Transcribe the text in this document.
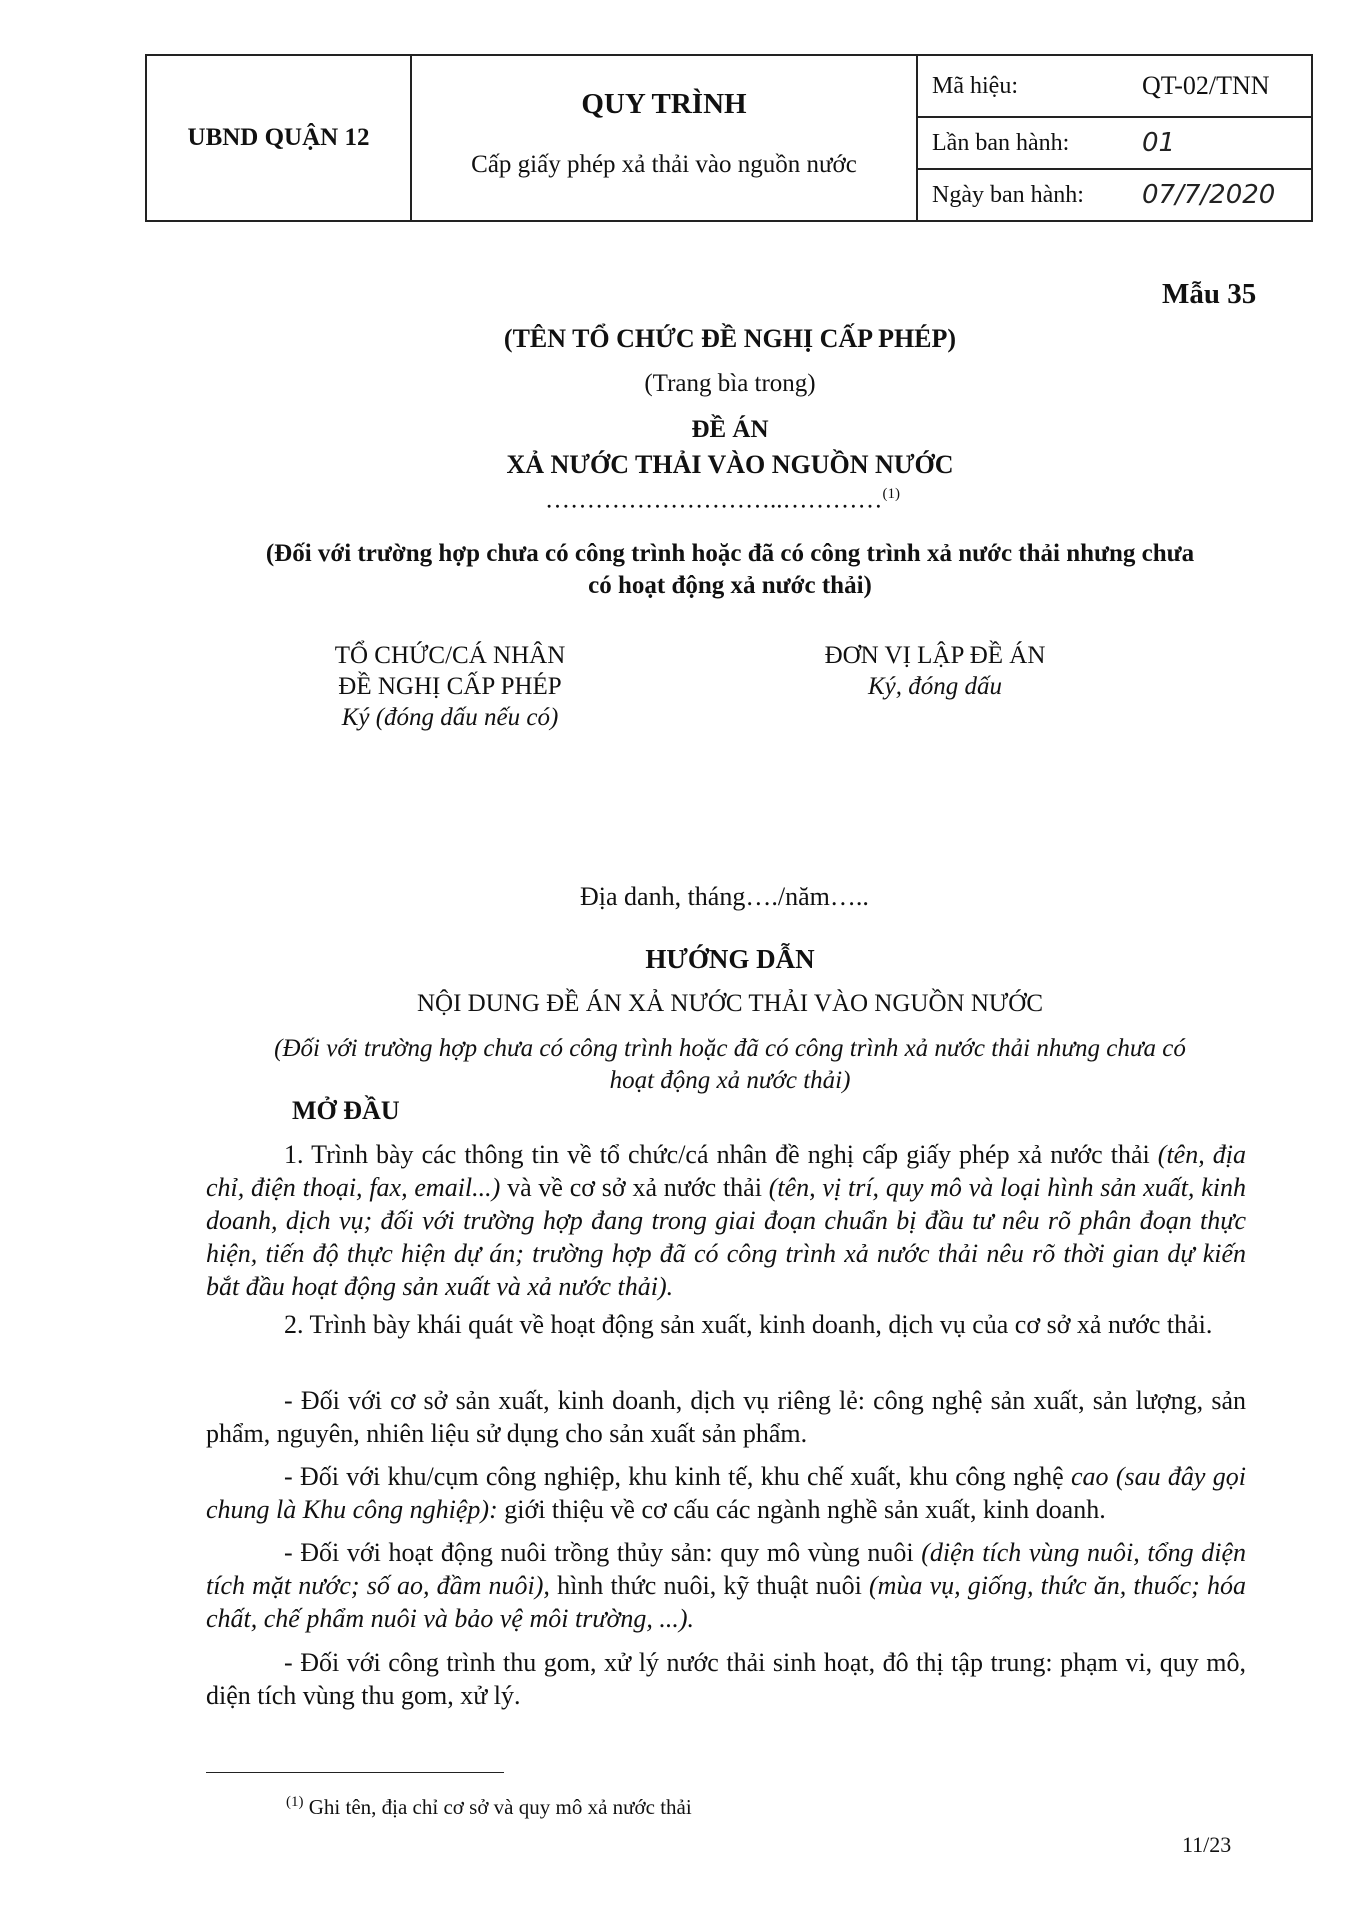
UBND QUẬN 12	QUY TRÌNH
Cấp giấy phép xả thải vào nguồn nước	Mã hiệu:	QT-02/TNN
		Lần ban hành:	01
		Ngày ban hành:	07/7/2020
Mẫu 35
(TÊN TỔ CHỨC ĐỀ NGHỊ CẤP PHÉP)
(Trang bìa trong)
ĐỀ ÁN
XẢ NƯỚC THẢI VÀO NGUỒN NƯỚC
………………………..…………$^{(1)}$
(Đối với trường hợp chưa có công trình hoặc đã có công trình xả nước thải nhưng chưa
có hoạt động xả nước thải)
TỔ CHỨC/CÁ NHÂN
ĐỀ NGHỊ CẤP PHÉP
Ký (đóng dấu nếu có)
ĐƠN VỊ LẬP ĐỀ ÁN
Ký, đóng dấu
Địa danh, tháng…./năm…..
HƯỚNG DẪN
NỘI DUNG ĐỀ ÁN XẢ NƯỚC THẢI VÀO NGUỒN NƯỚC
(Đối với trường hợp chưa có công trình hoặc đã có công trình xả nước thải nhưng chưa có
hoạt động xả nước thải)
MỞ ĐẦU
1. Trình bày các thông tin về tổ chức/cá nhân đề nghị cấp giấy phép xả nước thải (tên, địa chỉ, điện thoại, fax, email...) và về cơ sở xả nước thải (tên, vị trí, quy mô và loại hình sản xuất, kinh doanh, dịch vụ; đối với trường hợp đang trong giai đoạn chuẩn bị đầu tư nêu rõ phân đoạn thực hiện, tiến độ thực hiện dự án; trường hợp đã có công trình xả nước thải nêu rõ thời gian dự kiến bắt đầu hoạt động sản xuất và xả nước thải).
2. Trình bày khái quát về hoạt động sản xuất, kinh doanh, dịch vụ của cơ sở xả nước thải.
- Đối với cơ sở sản xuất, kinh doanh, dịch vụ riêng lẻ: công nghệ sản xuất, sản lượng, sản phẩm, nguyên, nhiên liệu sử dụng cho sản xuất sản phẩm.
- Đối với khu/cụm công nghiệp, khu kinh tế, khu chế xuất, khu công nghệ cao (sau đây gọi chung là Khu công nghiệp): giới thiệu về cơ cấu các ngành nghề sản xuất, kinh doanh.
- Đối với hoạt động nuôi trồng thủy sản: quy mô vùng nuôi (diện tích vùng nuôi, tổng diện tích mặt nước; số ao, đầm nuôi), hình thức nuôi, kỹ thuật nuôi (mùa vụ, giống, thức ăn, thuốc; hóa chất, chế phẩm nuôi và bảo vệ môi trường, ...).
- Đối với công trình thu gom, xử lý nước thải sinh hoạt, đô thị tập trung: phạm vi, quy mô, diện tích vùng thu gom, xử lý.
$^{(1)}$ Ghi tên, địa chỉ cơ sở và quy mô xả nước thải
11/23
